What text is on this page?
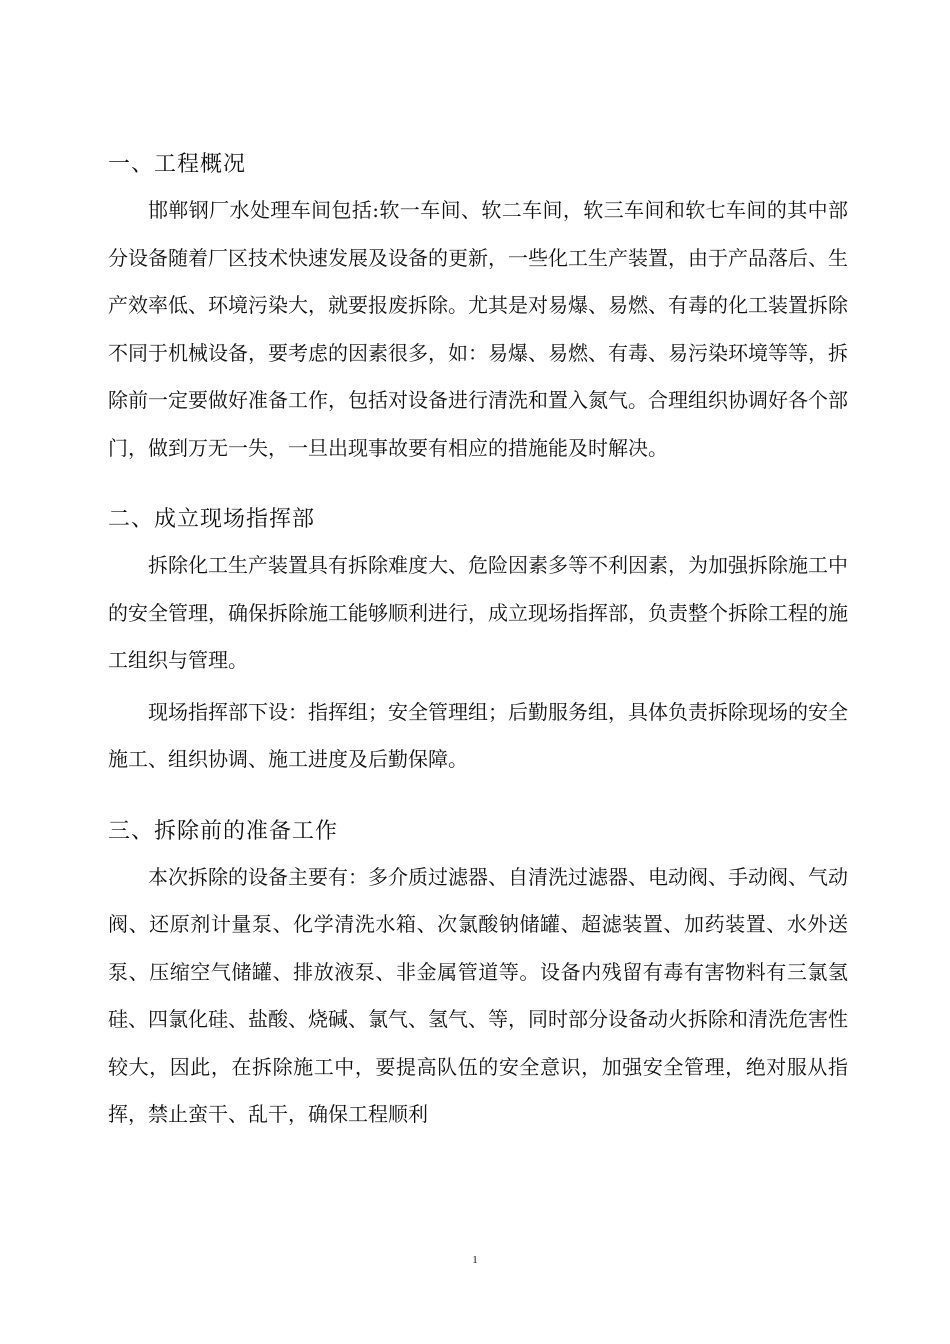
一、工程概况

邯郸钢厂水处理车间包括:软一车间、软二车间，软三车间和软七车间的其中部分设备随着厂区技术快速发展及设备的更新，一些化工生产装置，由于产品落后、生产效率低、环境污染大，就要报废拆除。尤其是对易爆、易燃、有毒的化工装置拆除不同于机械设备，要考虑的因素很多，如：易爆、易燃、有毒、易污染环境等等，拆除前一定要做好准备工作，包括对设备进行清洗和置入氮气。合理组织协调好各个部门，做到万无一失，一旦出现事故要有相应的措施能及时解决。

二、成立现场指挥部

拆除化工生产装置具有拆除难度大、危险因素多等不利因素，为加强拆除施工中的安全管理，确保拆除施工能够顺利进行，成立现场指挥部，负责整个拆除工程的施工组织与管理。

现场指挥部下设：指挥组；安全管理组；后勤服务组，具体负责拆除现场的安全施工、组织协调、施工进度及后勤保障。

三、拆除前的准备工作

本次拆除的设备主要有：多介质过滤器、自清洗过滤器、电动阀、手动阀、气动阀、还原剂计量泵、化学清洗水箱、次氯酸钠储罐、超滤装置、加药装置、水外送泵、压缩空气储罐、排放液泵、非金属管道等。设备内残留有毒有害物料有三氯氢硅、四氯化硅、盐酸、烧碱、氯气、氢气、等，同时部分设备动火拆除和清洗危害性较大，因此，在拆除施工中，要提高队伍的安全意识，加强安全管理，绝对服从指挥，禁止蛮干、乱干，确保工程顺利

1
